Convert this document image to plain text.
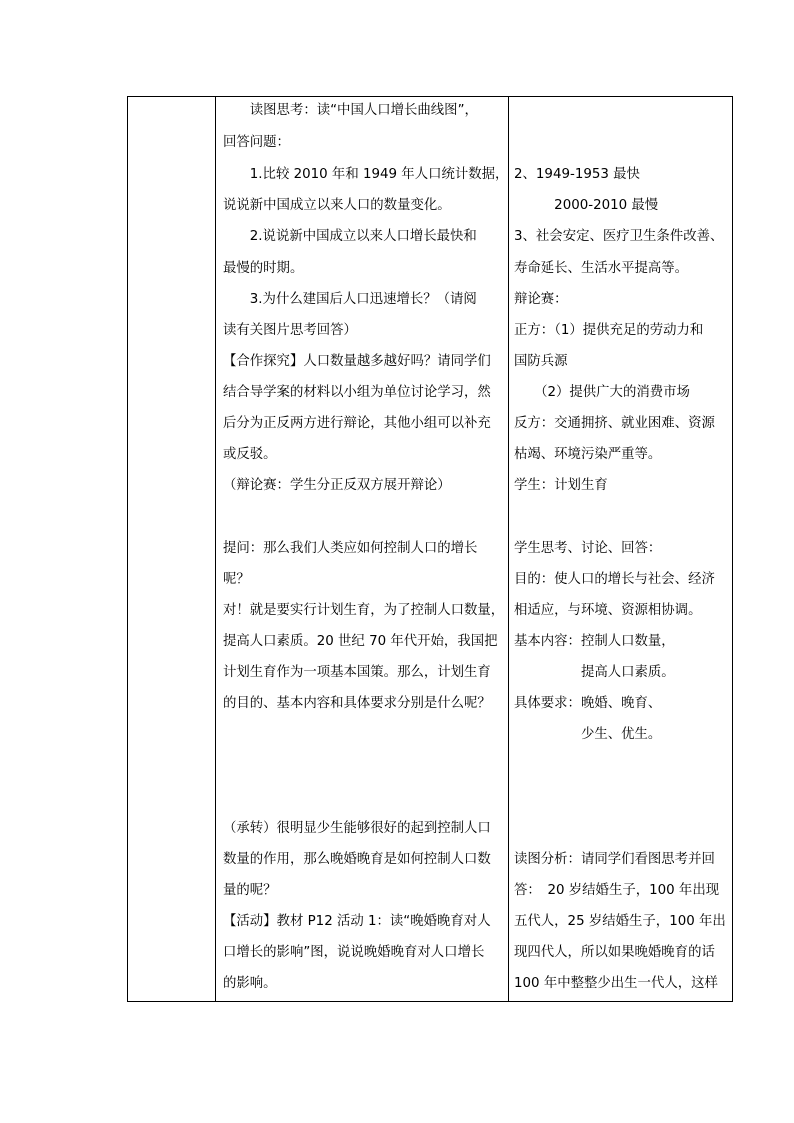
　　读图思考：读“中国人口增长曲线图”，
回答问题：
　　1.比较 2010 年和 1949 年人口统计数据，
说说新中国成立以来人口的数量变化。
　　2.说说新中国成立以来人口增长最快和
最慢的时期。
　　3.为什么建国后人口迅速增长？（请阅
读有关图片思考回答）
【合作探究】人口数量越多越好吗？请同学们
结合导学案的材料以小组为单位讨论学习，然
后分为正反两方进行辩论，其他小组可以补充
或反驳。
（辩论赛：学生分正反双方展开辩论）
提问：那么我们人类应如何控制人口的增长
呢？
对！就是要实行计划生育，为了控制人口数量，
提高人口素质。20 世纪 70 年代开始，我国把
计划生育作为一项基本国策。那么，计划生育
的目的、基本内容和具体要求分别是什么呢？
（承转）很明显少生能够很好的起到控制人口
数量的作用，那么晚婚晚育是如何控制人口数
量的呢？
【活动】教材 P12 活动 1：读“晚婚晚育对人
口增长的影响”图，说说晚婚晚育对人口增长
的影响。

2、1949-1953 最快
　　　2000-2010 最慢
3、社会安定、医疗卫生条件改善、
寿命延长、生活水平提高等。
辩论赛：
正方：（1）提供充足的劳动力和
国防兵源
　　（2）提供广大的消费市场
反方：交通拥挤、就业困难、资源
枯竭、环境污染严重等。
学生：计划生育
学生思考、讨论、回答：
目的：使人口的增长与社会、经济
相适应，与环境、资源相协调。
基本内容：控制人口数量，
　　　　　提高人口素质。
具体要求：晚婚、晚育、
　　　　　少生、优生。
读图分析：请同学们看图思考并回
答：　20 岁结婚生子，100 年出现
五代人，25 岁结婚生子，100 年出
现四代人，所以如果晚婚晚育的话
100 年中整整少出生一代人，这样
